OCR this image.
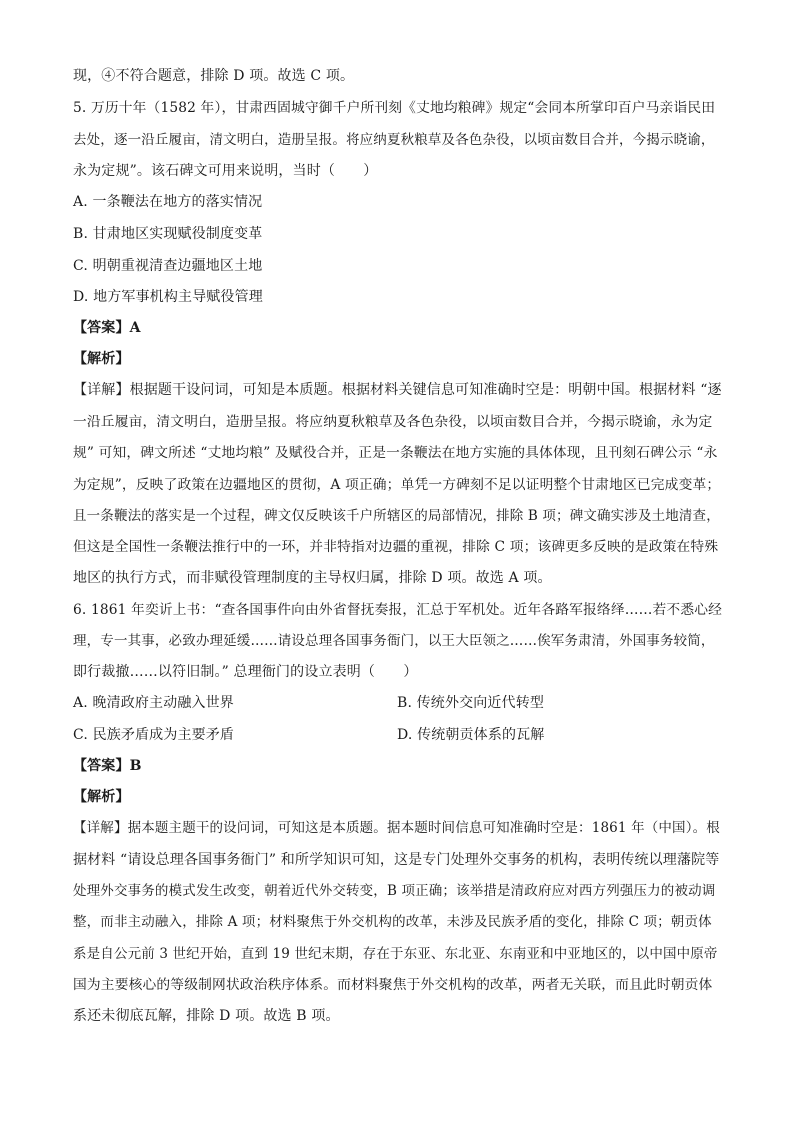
现，④不符合题意，排除 D 项。故选 C 项。
5. 万历十年（1582 年），甘肃西固城守御千户所刊刻《丈地均粮碑》规定“会同本所掌印百户马亲诣民田
去处，逐一沿丘履亩，清文明白，造册呈报。将应纳夏秋粮草及各色杂役，以顷亩数目合并，今揭示晓谕，
永为定规”。该石碑文可用来说明，当时（　　）
A. 一条鞭法在地方的落实情况
B. 甘肃地区实现赋役制度变革
C. 明朝重视清查边疆地区土地
D. 地方军事机构主导赋役管理
【答案】A
【解析】
【详解】根据题干设问词，可知是本质题。根据材料关键信息可知准确时空是：明朝中国。根据材料 “逐
一沿丘履亩，清文明白，造册呈报。将应纳夏秋粮草及各色杂役，以顷亩数目合并，今揭示晓谕，永为定
规” 可知，碑文所述 “丈地均粮” 及赋役合并，正是一条鞭法在地方实施的具体体现，且刊刻石碑公示 “永
为定规”，反映了政策在边疆地区的贯彻，A 项正确；单凭一方碑刻不足以证明整个甘肃地区已完成变革；
且一条鞭法的落实是一个过程，碑文仅反映该千户所辖区的局部情况，排除 B 项；碑文确实涉及土地清查，
但这是全国性一条鞭法推行中的一环，并非特指对边疆的重视，排除 C 项；该碑更多反映的是政策在特殊
地区的执行方式，而非赋役管理制度的主导权归属，排除 D 项。故选 A 项。
6. 1861 年奕䜣上书：“查各国事件向由外省督抚奏报，汇总于军机处。近年各路军报络绎……若不悉心经
理，专一其事，必致办理延缓……请设总理各国事务衙门，以王大臣领之……俟军务肃清，外国事务较简，
即行裁撤……以符旧制。” 总理衙门的设立表明（　　）
A. 晚清政府主动融入世界	B. 传统外交向近代转型
C. 民族矛盾成为主要矛盾	D. 传统朝贡体系的瓦解
【答案】B
【解析】
【详解】据本题主题干的设问词，可知这是本质题。据本题时间信息可知准确时空是：1861 年（中国）。根
据材料 “请设总理各国事务衙门” 和所学知识可知，这是专门处理外交事务的机构，表明传统以理藩院等
处理外交事务的模式发生改变，朝着近代外交转变，B 项正确；该举措是清政府应对西方列强压力的被动调
整，而非主动融入，排除 A 项；材料聚焦于外交机构的改革，未涉及民族矛盾的变化，排除 C 项；朝贡体
系是自公元前 3 世纪开始，直到 19 世纪末期，存在于东亚、东北亚、东南亚和中亚地区的，以中国中原帝
国为主要核心的等级制网状政治秩序体系。而材料聚焦于外交机构的改革，两者无关联，而且此时朝贡体
系还未彻底瓦解，排除 D 项。故选 B 项。
